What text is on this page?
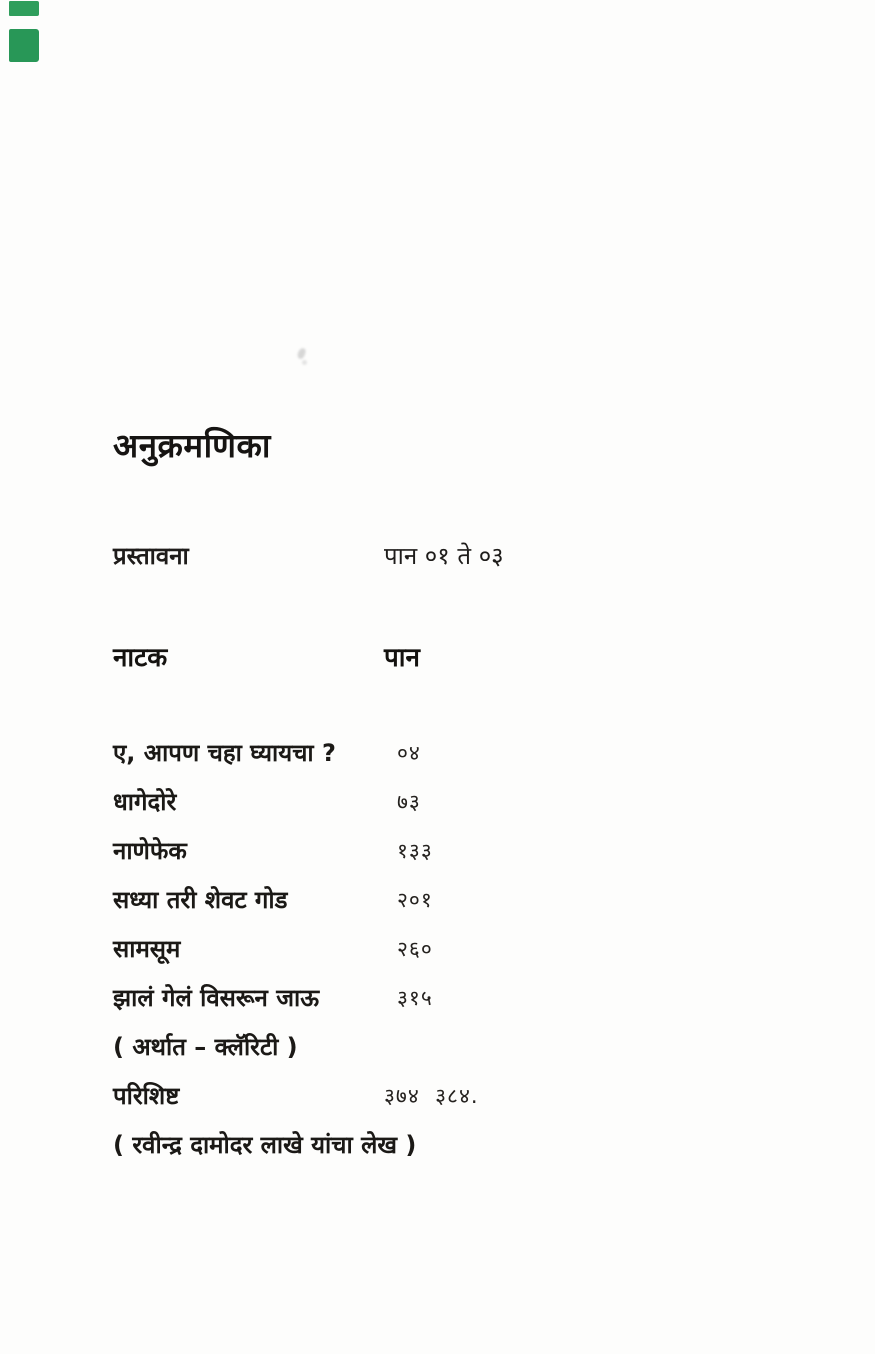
अनुक्रमणिका
प्रस्तावना	पान ०१ ते ०३
नाटक	पान
ए, आपण चहा घ्यायचा ?	०४
धागेदोरे	७३
नाणेफेक	१३३
सध्या तरी शेवट गोड	२०१
सामसूम	२६०
झालं गेलं विसरून जाऊ	३१५
( अर्थात – क्लॅरिटी )
परिशिष्ट	३७४  ३८४.
( रवीन्द्र दामोदर लाखे यांचा लेख )
